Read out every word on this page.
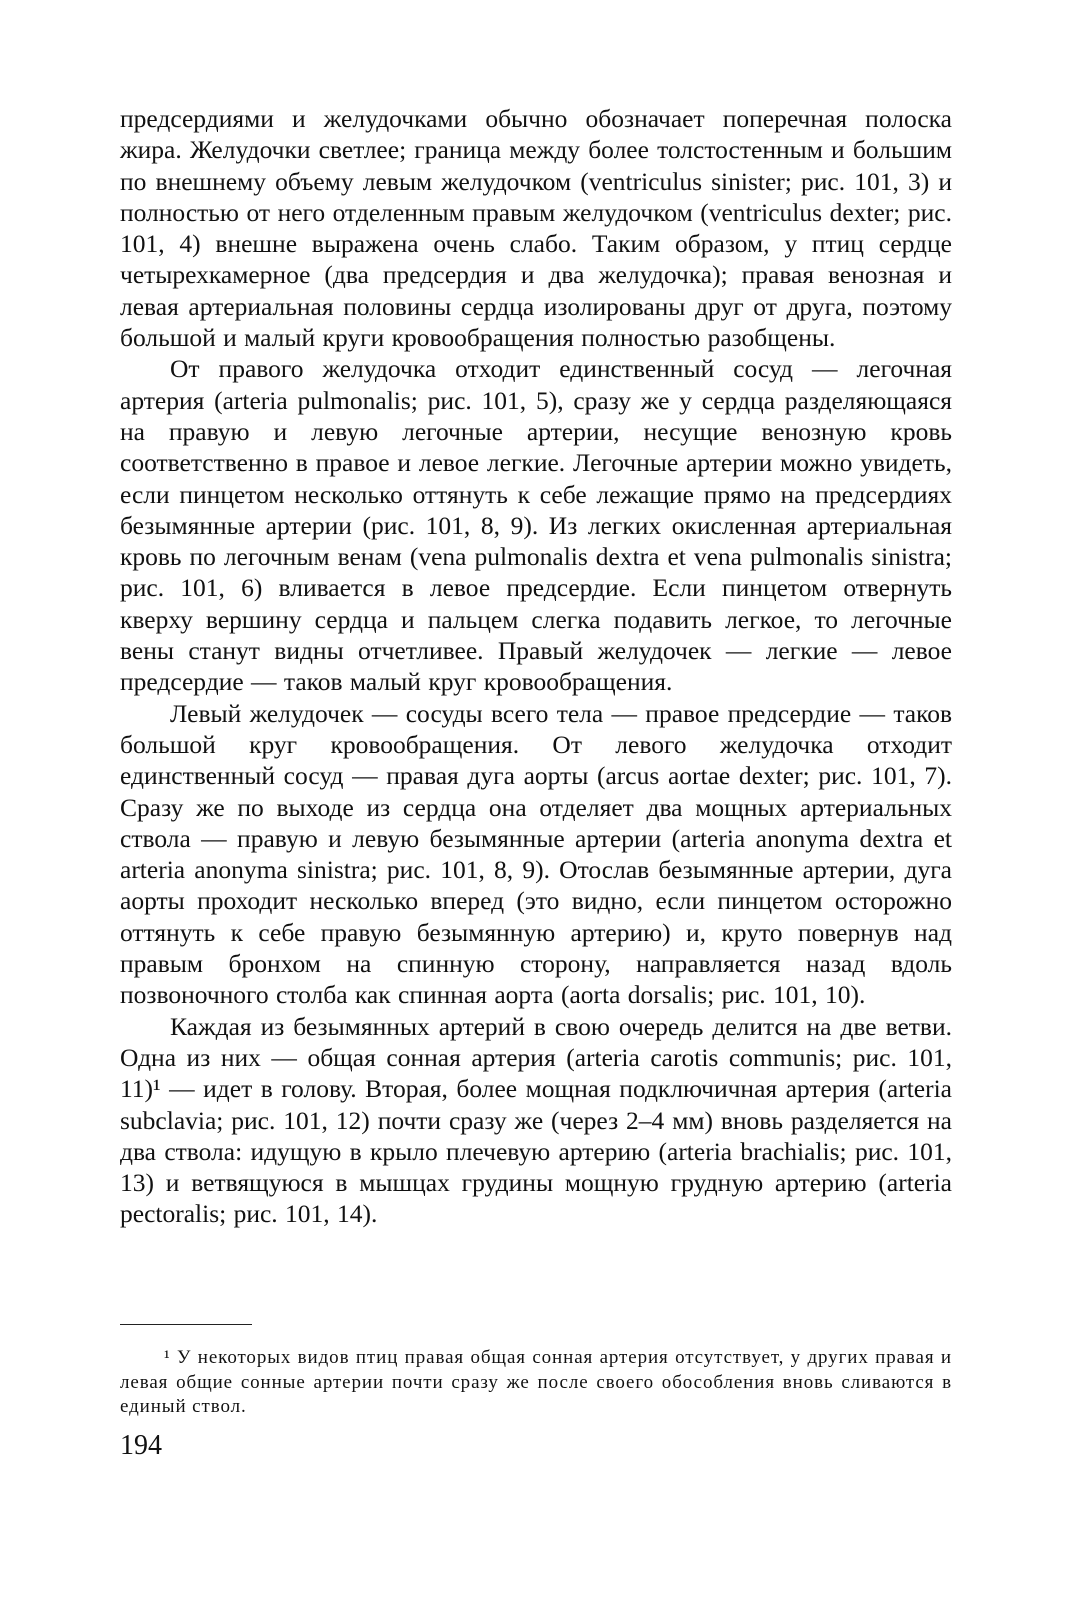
предсердиями и желудочками обычно обозначает поперечная полоска жира. Желудочки светлее; граница между более толстостенным и большим по внешнему объему левым желудочком (ventriculus sinister; рис. 101, 3) и полностью от него отделенным правым желудочком (ventriculus dexter; рис. 101, 4) внешне выражена очень слабо. Таким образом, у птиц сердце четырехкамерное (два предсердия и два желудочка); правая венозная и левая артериальная половины сердца изолированы друг от друга, поэтому большой и малый круги кровообращения полностью разобщены.

От правого желудочка отходит единственный сосуд — легочная артерия (arteria pulmonalis; рис. 101, 5), сразу же у сердца разделяющаяся на правую и левую легочные артерии, несущие венозную кровь соответственно в правое и левое легкие. Легочные артерии можно увидеть, если пинцетом несколько оттянуть к себе лежащие прямо на предсердиях безымянные артерии (рис. 101, 8, 9). Из легких окисленная артериальная кровь по легочным венам (vena pulmonalis dextra et vena pulmonalis sinistra; рис. 101, 6) вливается в левое предсердие. Если пинцетом отвернуть кверху вершину сердца и пальцем слегка подавить легкое, то легочные вены станут видны отчетливее. Правый желудочек — легкие — левое предсердие — таков малый круг кровообращения.

Левый желудочек — сосуды всего тела — правое предсердие — таков большой круг кровообращения. От левого желудочка отходит единственный сосуд — правая дуга аорты (arcus aortae dexter; рис. 101, 7). Сразу же по выходе из сердца она отделяет два мощных артериальных ствола — правую и левую безымянные артерии (arteria anonyma dextra et arteria anonyma sinistra; рис. 101, 8, 9). Отослав безымянные артерии, дуга аорты проходит несколько вперед (это видно, если пинцетом осторожно оттянуть к себе правую безымянную артерию) и, круто повернув над правым бронхом на спинную сторону, направляется назад вдоль позвоночного столба как спинная аорта (aorta dorsalis; рис. 101, 10).

Каждая из безымянных артерий в свою очередь делится на две ветви. Одна из них — общая сонная артерия (arteria carotis communis; рис. 101, 11)¹ — идет в голову. Вторая, более мощная подключичная артерия (arteria subclavia; рис. 101, 12) почти сразу же (через 2–4 мм) вновь разделяется на два ствола: идущую в крыло плечевую артерию (arteria brachialis; рис. 101, 13) и ветвящуюся в мышцах грудины мощную грудную артерию (arteria pectoralis; рис. 101, 14).

¹ У некоторых видов птиц правая общая сонная артерия отсутствует, у других правая и левая общие сонные артерии почти сразу же после своего обособления вновь сливаются в единый ствол.

194
